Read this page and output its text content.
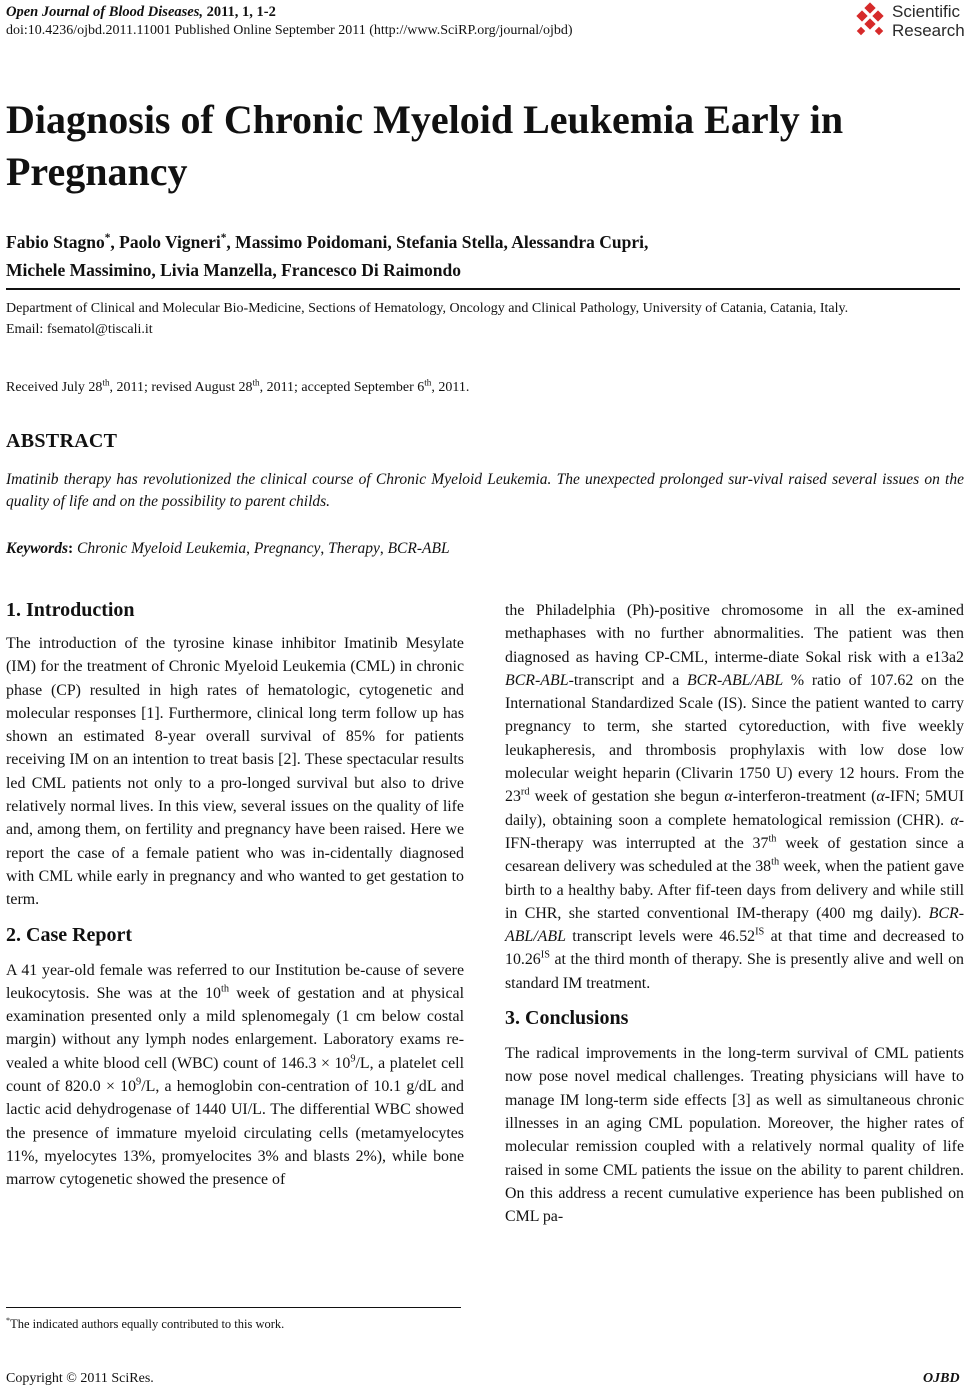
Open Journal of Blood Diseases, 2011, 1, 1-2
doi:10.4236/ojbd.2011.11001 Published Online September 2011 (http://www.SciRP.org/journal/ojbd)
Scientific
Research
Diagnosis of Chronic Myeloid Leukemia Early in Pregnancy
Fabio Stagno*, Paolo Vigneri*, Massimo Poidomani, Stefania Stella, Alessandra Cupri,
Michele Massimino, Livia Manzella, Francesco Di Raimondo
Department of Clinical and Molecular Bio-Medicine, Sections of Hematology, Oncology and Clinical Pathology, University of Catania, Catania, Italy.
Email: fsematol@tiscali.it
Received July 28th, 2011; revised August 28th, 2011; accepted September 6th, 2011.
ABSTRACT
Imatinib therapy has revolutionized the clinical course of Chronic Myeloid Leukemia. The unexpected prolonged sur-vival raised several issues on the quality of life and on the possibility to parent childs.
Keywords: Chronic Myeloid Leukemia, Pregnancy, Therapy, BCR-ABL
1. Introduction

The introduction of the tyrosine kinase inhibitor Imatinib Mesylate (IM) for the treatment of Chronic Myeloid Leukemia (CML) in chronic phase (CP) resulted in high rates of hematologic, cytogenetic and molecular responses [1]. Furthermore, clinical long term follow up has shown an estimated 8-year overall survival of 85% for patients receiving IM on an intention to treat basis [2]. These spectacular results led CML patients not only to a pro-longed survival but also to drive relatively normal lives. In this view, several issues on the quality of life and, among them, on fertility and pregnancy have been raised. Here we report the case of a female patient who was in-cidentally diagnosed with CML while early in pregnancy and who wanted to get gestation to term.

2. Case Report

A 41 year-old female was referred to our Institution be-cause of severe leukocytosis. She was at the 10th week of gestation and at physical examination presented only a mild splenomegaly (1 cm below costal margin) without any lymph nodes enlargement. Laboratory exams re-vealed a white blood cell (WBC) count of $146.3 \times 10^9/L$, a platelet cell count of $820.0 \times 10^9/L$, a hemoglobin con-centration of 10.1 g/dL and lactic acid dehydrogenase of 1440 UI/L. The differential WBC showed the presence of immature myeloid circulating cells (metamyelocytes 11%, myelocytes 13%, promyelocites 3% and blasts 2%), while bone marrow cytogenetic showed the presence of

the Philadelphia (Ph)-positive chromosome in all the ex-amined methaphases with no further abnormalities. The patient was then diagnosed as having CP-CML, interme-diate Sokal risk with a e13a2 BCR-ABL-transcript and a BCR-ABL/ABL % ratio of 107.62 on the International Standardized Scale (IS). Since the patient wanted to carry pregnancy to term, she started cytoreduction, with five weekly leukapheresis, and thrombosis prophylaxis with low dose low molecular weight heparin (Clivarin 1750 U) every 12 hours. From the 23rd week of gestation she begun α-interferon-treatment (α-IFN; 5MUI daily), obtaining soon a complete hematological remission (CHR). α-IFN-therapy was interrupted at the 37th week of gestation since a cesarean delivery was scheduled at the 38th week, when the patient gave birth to a healthy baby. After fif-teen days from delivery and while still in CHR, she started conventional IM-therapy (400 mg daily). BCR-ABL/ABL transcript levels were $46.52^{IS}$ at that time and decreased to $10.26^{IS}$ at the third month of therapy. She is presently alive and well on standard IM treatment.

3. Conclusions

The radical improvements in the long-term survival of CML patients now pose novel medical challenges. Treating physicians will have to manage IM long-term side effects [3] as well as simultaneous chronic illnesses in an aging CML population. Moreover, the higher rates of molecular remission coupled with a relatively normal quality of life raised in some CML patients the issue on the ability to parent children. On this address a recent cumulative experience has been published on CML pa-

*The indicated authors equally contributed to this work.
Copyright © 2011 SciRes.	OJBD
